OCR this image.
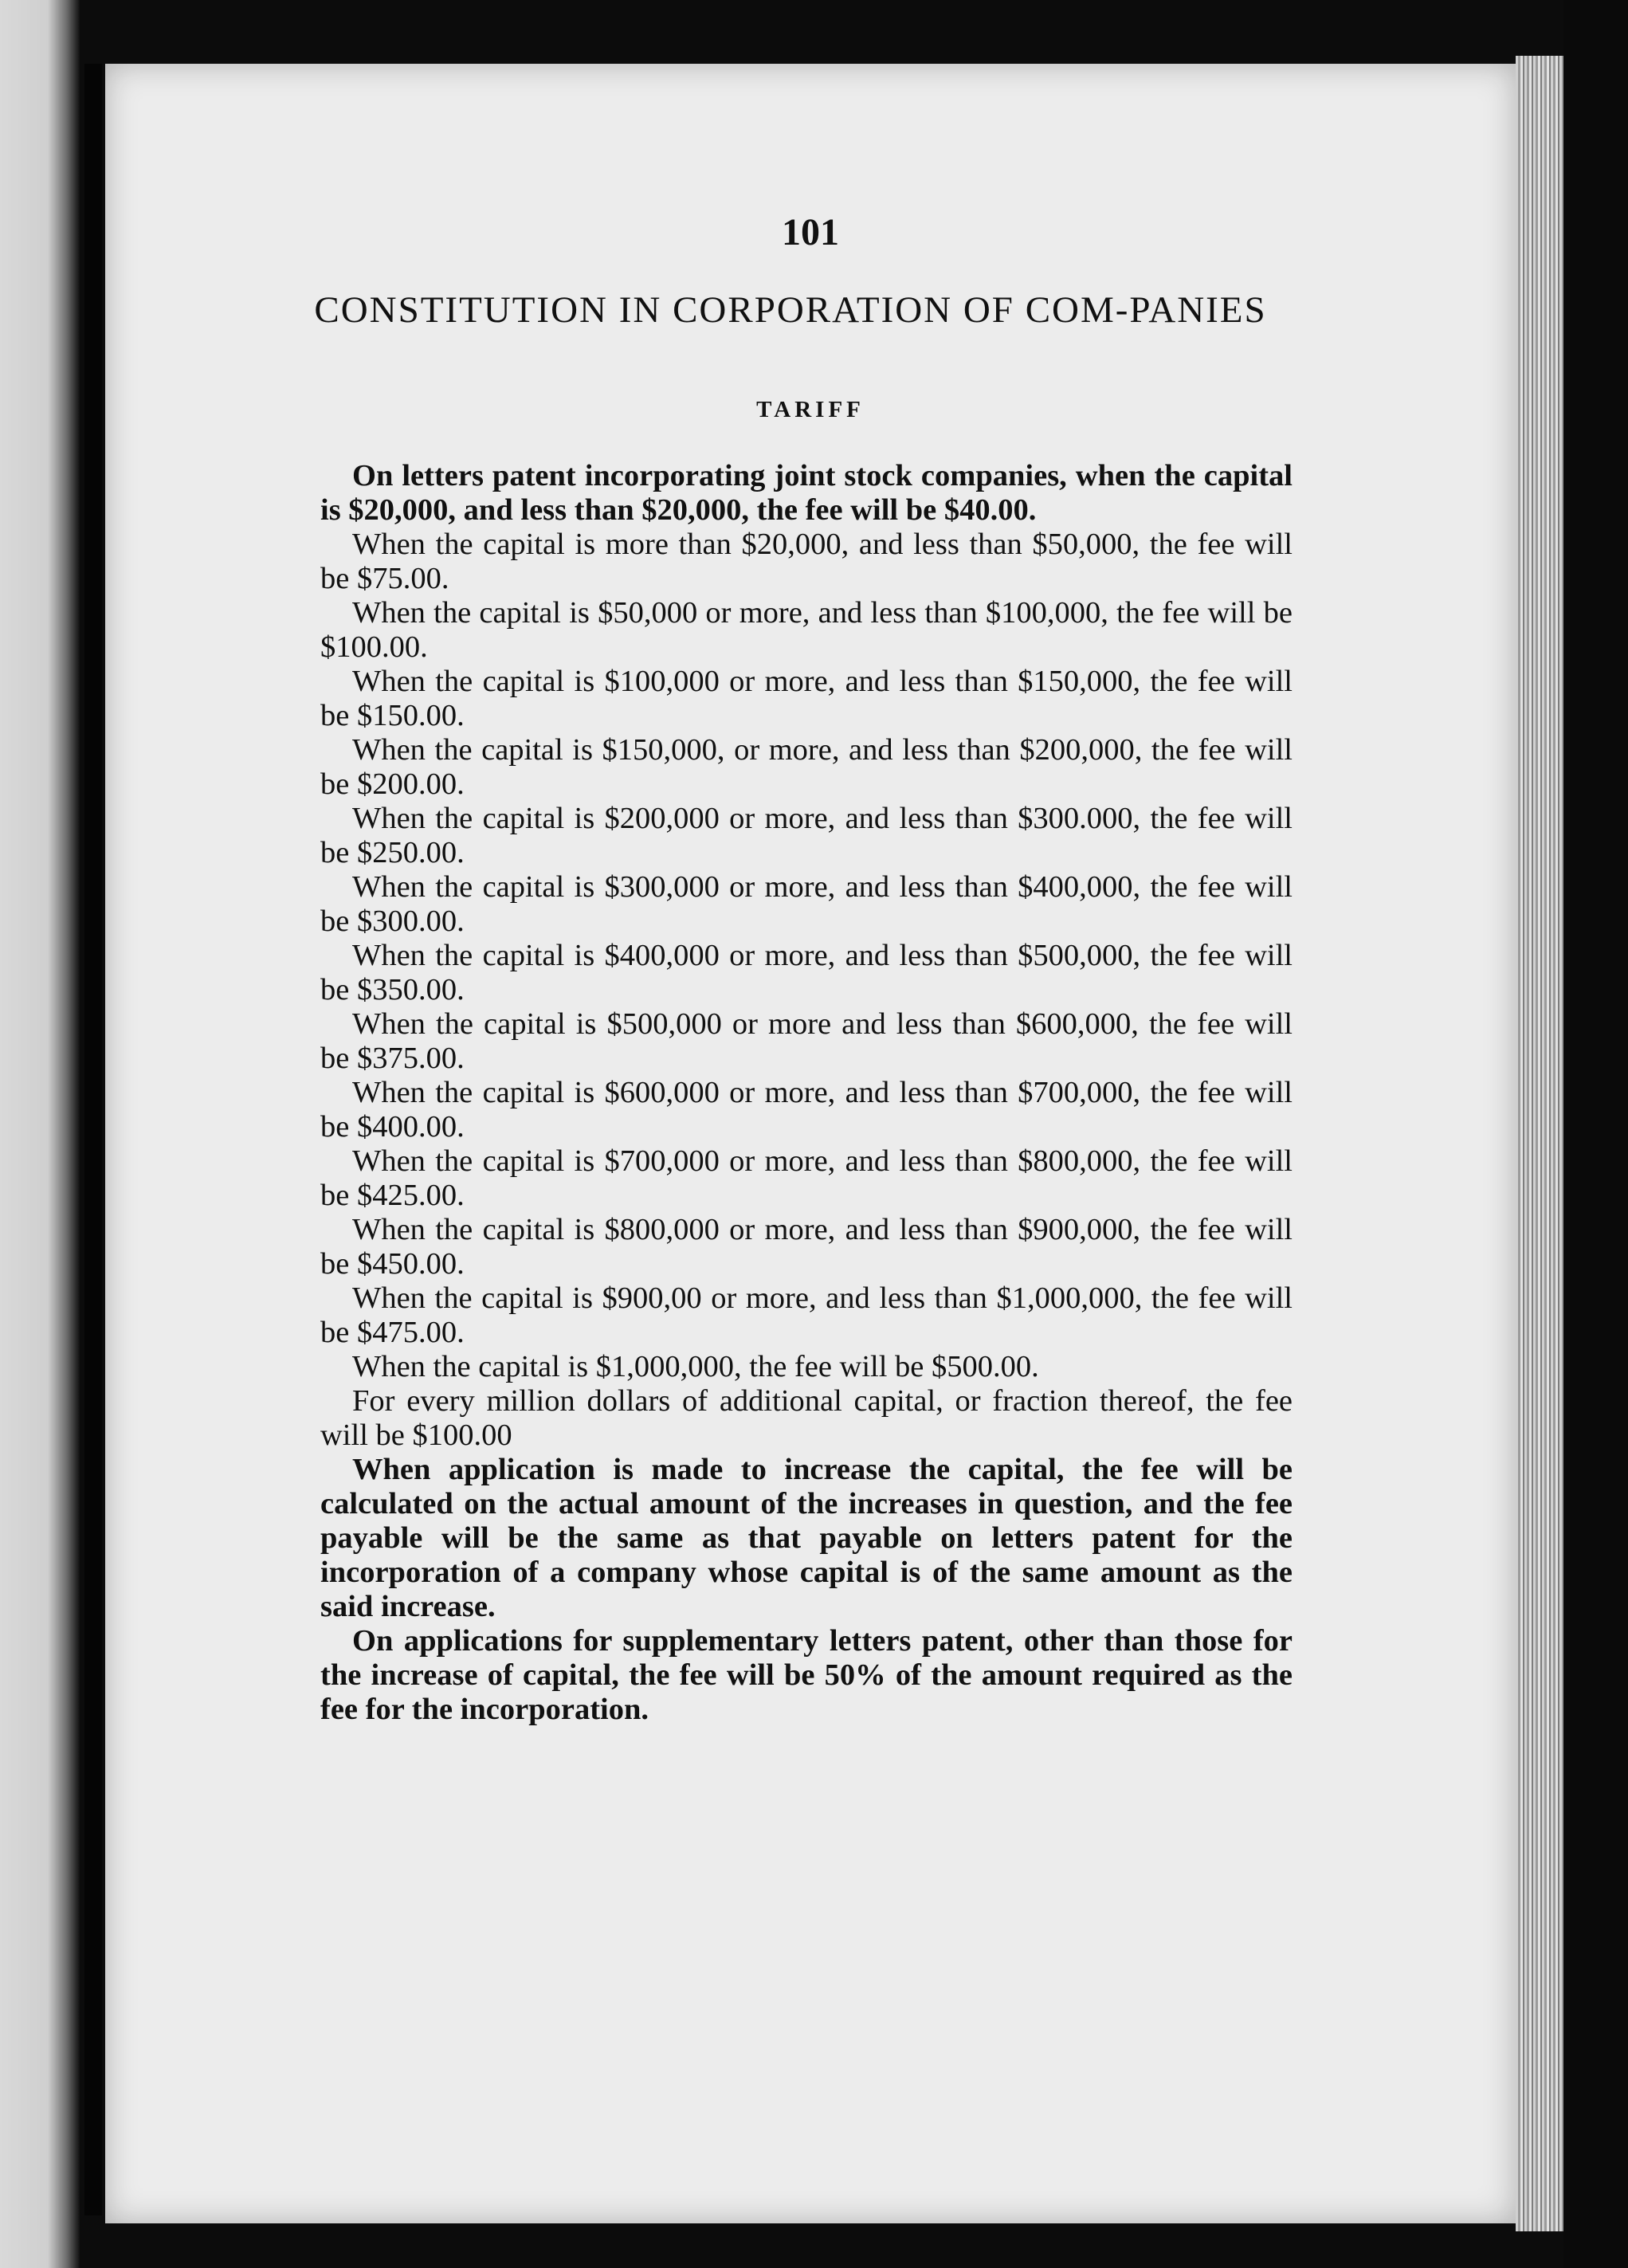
101
CONSTITUTION IN CORPORATION OF COM-PANIES
TARIFF

On letters patent incorporating joint stock companies, when the capital is $20,000, and less than $20,000, the fee will be $40.00.

When the capital is more than $20,000, and less than $50,000, the fee will be $75.00.

When the capital is $50,000 or more, and less than $100,000, the fee will be $100.00.

When the capital is $100,000 or more, and less than $150,000, the fee will be $150.00.

When the capital is $150,000, or more, and less than $200,000, the fee will be $200.00.

When the capital is $200,000 or more, and less than $300.000, the fee will be $250.00.

When the capital is $300,000 or more, and less than $400,000, the fee will be $300.00.

When the capital is $400,000 or more, and less than $500,000, the fee will be $350.00.

When the capital is $500,000 or more and less than $600,000, the fee will be $375.00.

When the capital is $600,000 or more, and less than $700,000, the fee will be $400.00.

When the capital is $700,000 or more, and less than $800,000, the fee will be $425.00.

When the capital is $800,000 or more, and less than $900,000, the fee will be $450.00.

When the capital is $900,00 or more, and less than $1,000,000, the fee will be $475.00.

When the capital is $1,000,000, the fee will be $500.00.

For every million dollars of additional capital, or fraction thereof, the fee will be $100.00

When application is made to increase the capital, the fee will be calculated on the actual amount of the increases in question, and the fee payable will be the same as that payable on letters patent for the incorporation of a company whose capital is of the same amount as the said increase.

On applications for supplementary letters patent, other than those for the increase of capital, the fee will be 50% of the amount required as the fee for the incorporation.
